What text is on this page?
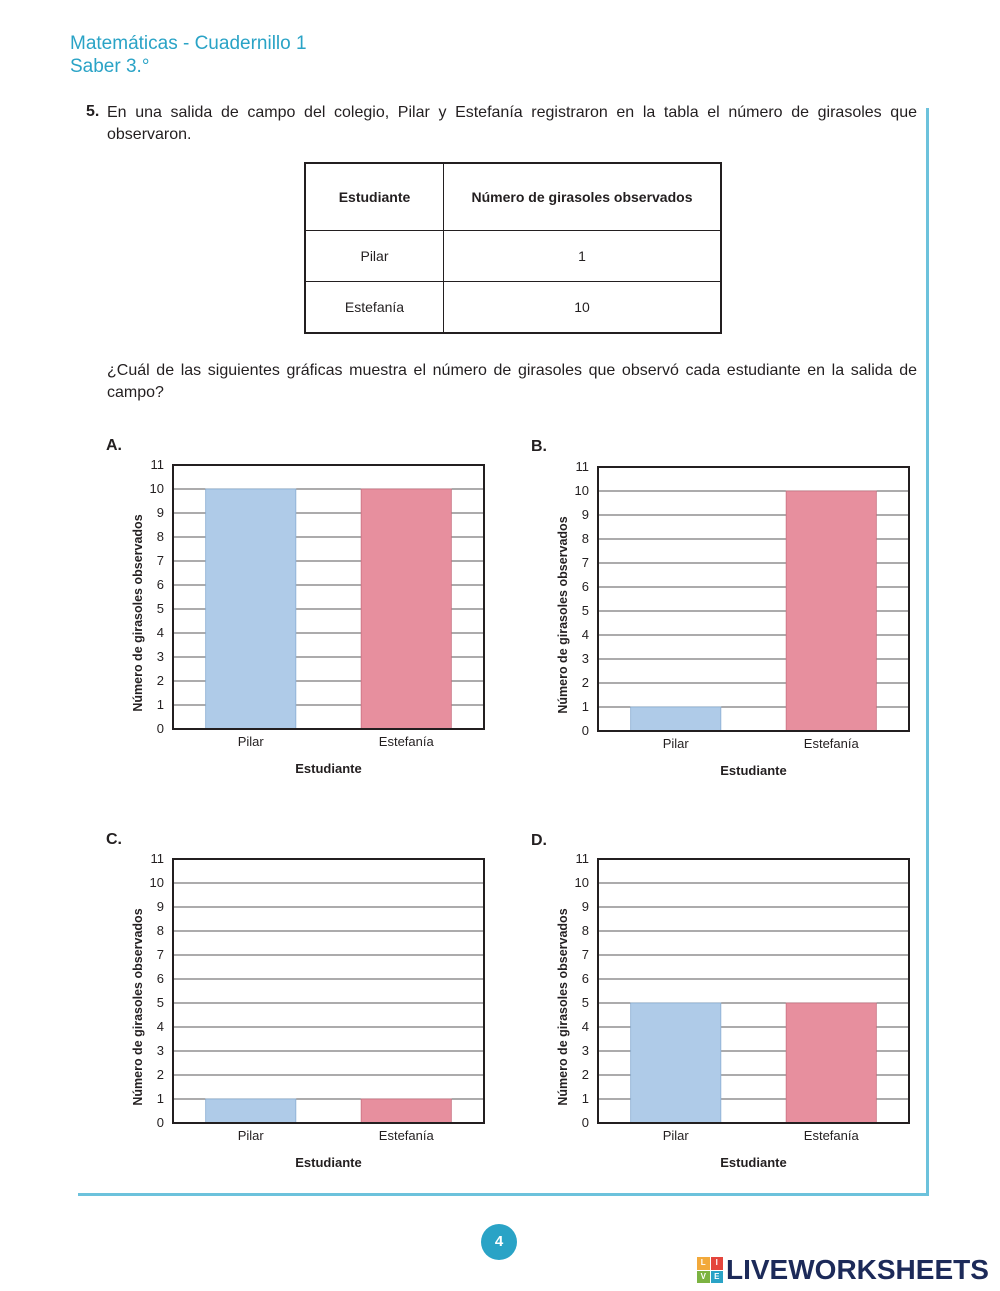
Matemáticas - Cuadernillo 1
Saber 3.°
5. En una salida de campo del colegio, Pilar y Estefanía registraron en la tabla el número de girasoles que observaron.
Estudiante	Número de girasoles observados
Pilar	1
Estefanía	10
¿Cuál de las siguientes gráficas muestra el número de girasoles que observó cada estudiante en la salida de campo?
A.
0
1
2
3
4
5
6
7
8
9
10
11
Pilar	Estefanía
Estudiante
Número de girasoles observados
B.
0
1
2
3
4
5
6
7
8
9
10
11
Pilar	Estefanía
Estudiante
Número de girasoles observados
C.
0
1
2
3
4
5
6
7
8
9
10
11
Pilar	Estefanía
Estudiante
Número de girasoles observados
D.
0
1
2
3
4
5
6
7
8
9
10
11
Pilar	Estefanía
Estudiante
Número de girasoles observados
4
L	I
V	E LIVEWORKSHEETS
